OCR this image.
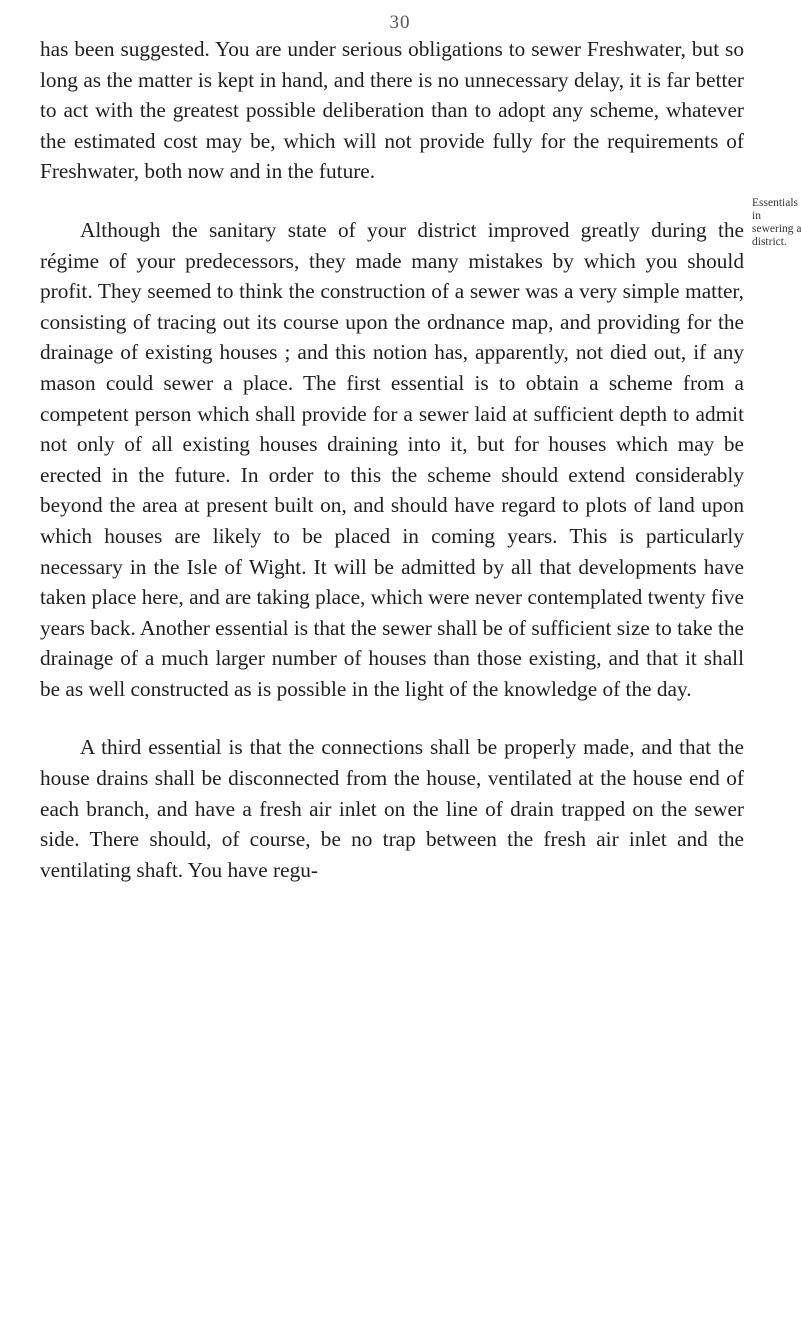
30

has been suggested. You are under serious obligations to sewer Freshwater, but so long as the matter is kept in hand, and there is no unnecessary delay, it is far better to act with the greatest possible deliberation than to adopt any scheme, whatever the estimated cost may be, which will not provide fully for the requirements of Freshwater, both now and in the future.

Although the sanitary state of your district improved greatly during the régime of your predecessors, they made many mistakes by which you should profit. They seemed to think the construction of a sewer was a very simple matter, consisting of tracing out its course upon the ordnance map, and providing for the drainage of existing houses ; and this notion has, apparently, not died out, if any mason could sewer a place. The first essential is to obtain a scheme from a competent person which shall provide for a sewer laid at sufficient depth to admit not only of all existing houses draining into it, but for houses which may be erected in the future. In order to this the scheme should extend considerably beyond the area at present built on, and should have regard to plots of land upon which houses are likely to be placed in coming years. This is particularly necessary in the Isle of Wight. It will be admitted by all that developments have taken place here, and are taking place, which were never contemplated twenty five years back. Another essential is that the sewer shall be of sufficient size to take the drainage of a much larger number of houses than those existing, and that it shall be as well constructed as is possible in the light of the knowledge of the day.

A third essential is that the connections shall be properly made, and that the house drains shall be disconnected from the house, ventilated at the house end of each branch, and have a fresh air inlet on the line of drain trapped on the sewer side. There should, of course, be no trap between the fresh air inlet and the ventilating shaft. You have regu-

Essentials in sewering a district.
